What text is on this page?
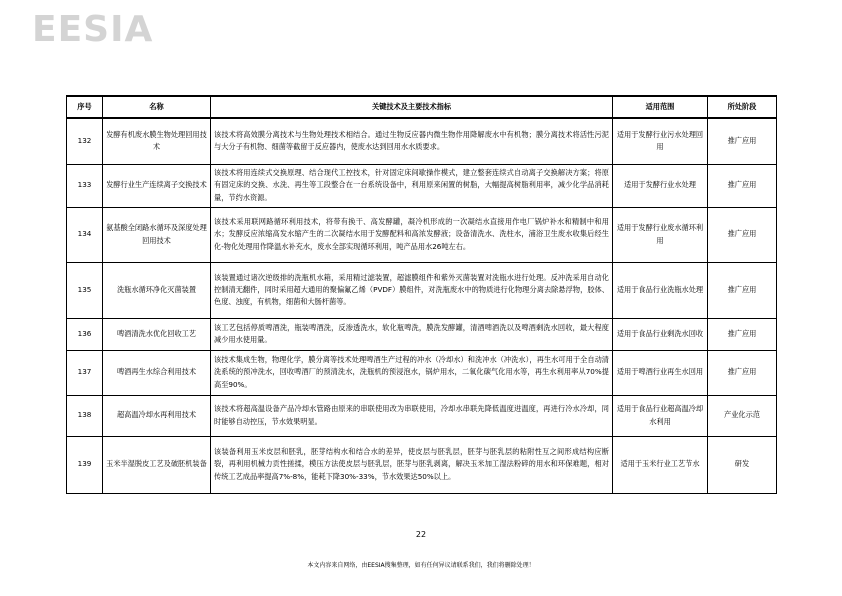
EESIA
序号	名称	关键技术及主要技术指标	适用范围	所处阶段
132	发酵有机废水膜生物处理回用技术	该技术将高效膜分离技术与生物处理技术相结合。通过生物反应器内微生物作用降解废水中有机物；膜分离技术将活性污泥与大分子有机物、细菌等截留于反应器内，使废水达到回用水水质要求。	适用于发酵行业污水处理回用	推广应用
133	发酵行业生产连续离子交换技术	该技术将用连续式交换原理、结合现代工控技术，针对固定床间歇操作模式，建立整套连续式自动离子交换解决方案；将原有固定床的交换、水洗、再生等工段整合在一台系统设备中，利用原来闲置的树脂，大幅提高树脂利用率，减少化学品消耗量，节约水资源。	适用于发酵行业水处理	推广应用
134	氨基酸全闭路水循环及深度处理回用技术	该技术采用联网路循环利用技术，将带有换干、高发酵罐，凝冷机形成的一次凝结水直接用作电厂锅炉补水和精制中和用水；发酵反应浓缩高发水缩产生的二次凝结水用于发酵配料和高浓发酵液；设备清洗水、洗柱水，浦浴卫生废水收集后经生化-物化处理用作降温水补充水，废水全部实现循环利用，吨产品用水26吨左右。	适用于发酵行业废水循环利用	推广应用
135	洗瓶水循环净化灭菌装置	该装置通过诸次逆级排的洗瓶机水箱，采用精过滤装置，超滤膜组件和紫外灭菌装置对洗瓶水进行处理。反冲洗采用自动化控制清无翻件，同时采用超大通用的聚偏氟乙烯（PVDF）膜组件，对洗瓶废水中的物质进行化物理分离去除悬浮物，胶体、色度、浊度，有机物，细菌和大肠杆菌等。	适用于食品行业洗瓶水处理	推广应用
136	啤酒清洗水优化回收工艺	该工艺包括停质啤酒洗，瓶装啤酒洗，反渗透洗水，软化瓶啤洗，膜洗发酵罐，清酒啤酒洗以及啤酒剩洗水回收，最大程度减少用水使用量。	适用于食品行业剩洗水回收	推广应用
137	啤酒再生水综合利用技术	该技术集成生物，物理化学，膜分离等技术处理啤酒生产过程的冲水（冷却水）和洗冲水（冲洗水），再生水可用于全自动清洗系统的预冲洗水，回收啤酒厂的预清洗水，洗瓶机的预浸泡水，锅炉用水，二氧化碳气化用水等，再生水利用率从70%提高至90%。	适用于啤酒行业再生水回用	推广应用
138	超高温冷却水再利用技术	该技术将超高温设备产品冷却水管路由原来的串联使用改为串联使用，冷却水串联先降低温度进温度，再进行冷水冷却，同时能够自动控压，节水效果明显。	适用于食品行业超高温冷却水利用	产业化示范
139	玉米半湿脱皮工艺及破胚机装备	该装备利用玉米皮层和胚乳，胚芽结构水和结合水的差异，使皮层与胚乳层，胚芽与胚乳层的粘附性互之间形成结构应断裂，再利用机械力贡性搓揉，模压方法使皮层与胚乳层，胚芽与胚乳剥离，解决玉米加工湿法粉碎的用水和环保难题，相对传统工艺成品率提高7%-8%，能耗下降30%-33%，节水效果达50%以上。	适用于玉米行业工艺节水	研发
22
本文内容来自网络，由EESIA搜集整理，如有任何异议请联系我们，我们将删除处理！
